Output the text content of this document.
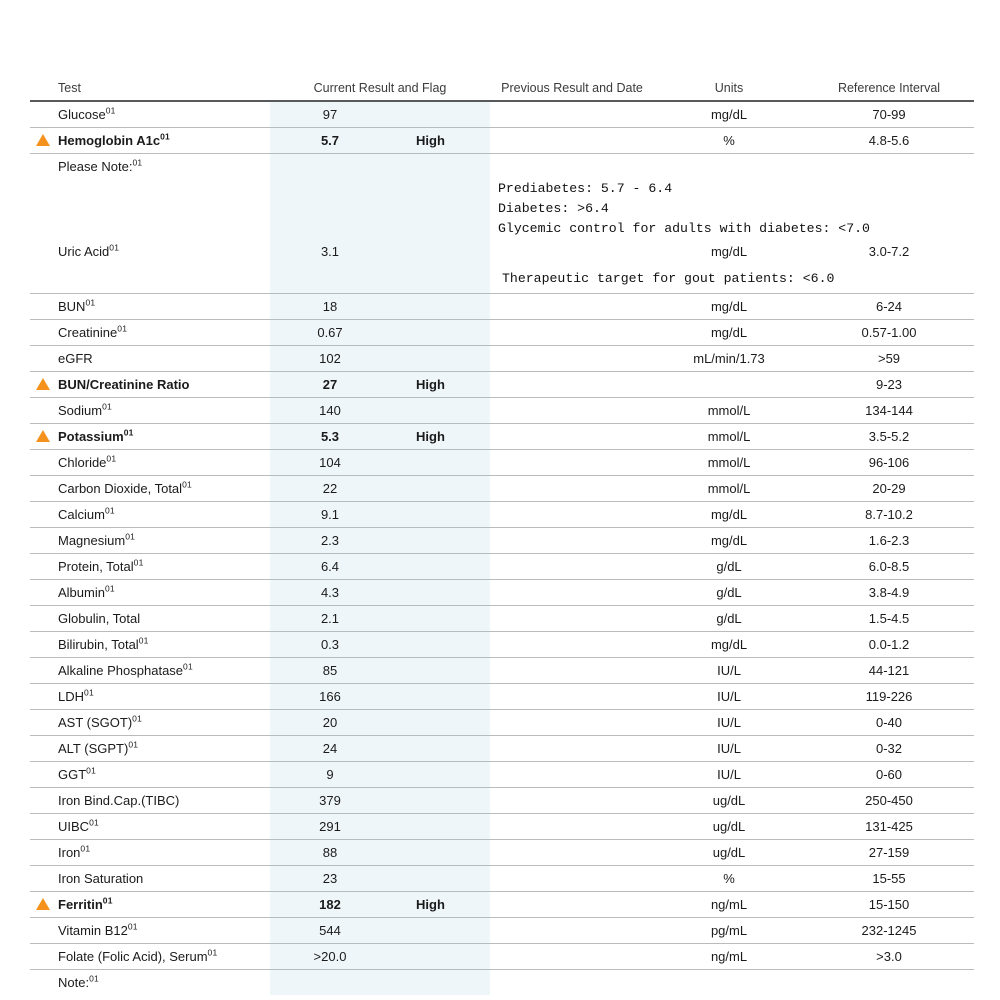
	Test	Current Result and Flag		Previous Result and Date	Units	Reference Interval
	Glucose$^{01}$	97			mg/dL	70-99
	Hemoglobin $A1c^{01}$	5.7	High		%	4.8-5.6
	Please Note:$^{01}$					

				Prediabetes: 5.7 - 6.4
Diabetes: >6.4
Glycemic control for adults with diabetes: <7.0		

	Uric Acid$^{01}$	3.1			mg/dL	3.0-7.2

				Therapeutic target for gout patients: <6.0		

	BUN$^{01}$	18			mg/dL	6-24
	Creatinine$^{01}$	0.67			mg/dL	0.57-1.00
	eGFR	102			mL/min/1.73	>59
	BUN/Creatinine Ratio	27	High			9-23
	Sodium$^{01}$	140			mmol/L	134-144
	Potassium$^{01}$	5.3	High		mmol/L	3.5-5.2
	Chloride$^{01}$	104			mmol/L	96-106
	Carbon Dioxide, Total$^{01}$	22			mmol/L	20-29
	Calcium$^{01}$	9.1			mg/dL	8.7-10.2
	Magnesium$^{01}$	2.3			mg/dL	1.6-2.3
	Protein, Total$^{01}$	6.4			g/dL	6.0-8.5
	Albumin$^{01}$	4.3			g/dL	3.8-4.9
	Globulin, Total	2.1			g/dL	1.5-4.5
	Bilirubin, Total$^{01}$	0.3			mg/dL	0.0-1.2
	Alkaline Phosphatase$^{01}$	85			IU/L	44-121
	LDH$^{01}$	166			IU/L	119-226
	AST (SGOT)$^{01}$	20			IU/L	0-40
	ALT (SGPT)$^{01}$	24			IU/L	0-32
	GGT$^{01}$	9			IU/L	0-60
	Iron Bind.Cap.(TIBC)	379			ug/dL	250-450
	UIBC$^{01}$	291			ug/dL	131-425
	Iron$^{01}$	88			ug/dL	27-159
	Iron Saturation	23			%	15-55
	Ferritin$^{01}$	182	High		ng/mL	15-150
	Vitamin $B12^{01}$	544			pg/mL	232-1245
	Folate (Folic Acid), Serum$^{01}$	>20.0			ng/mL	>3.0
	Note:$^{01}$					
